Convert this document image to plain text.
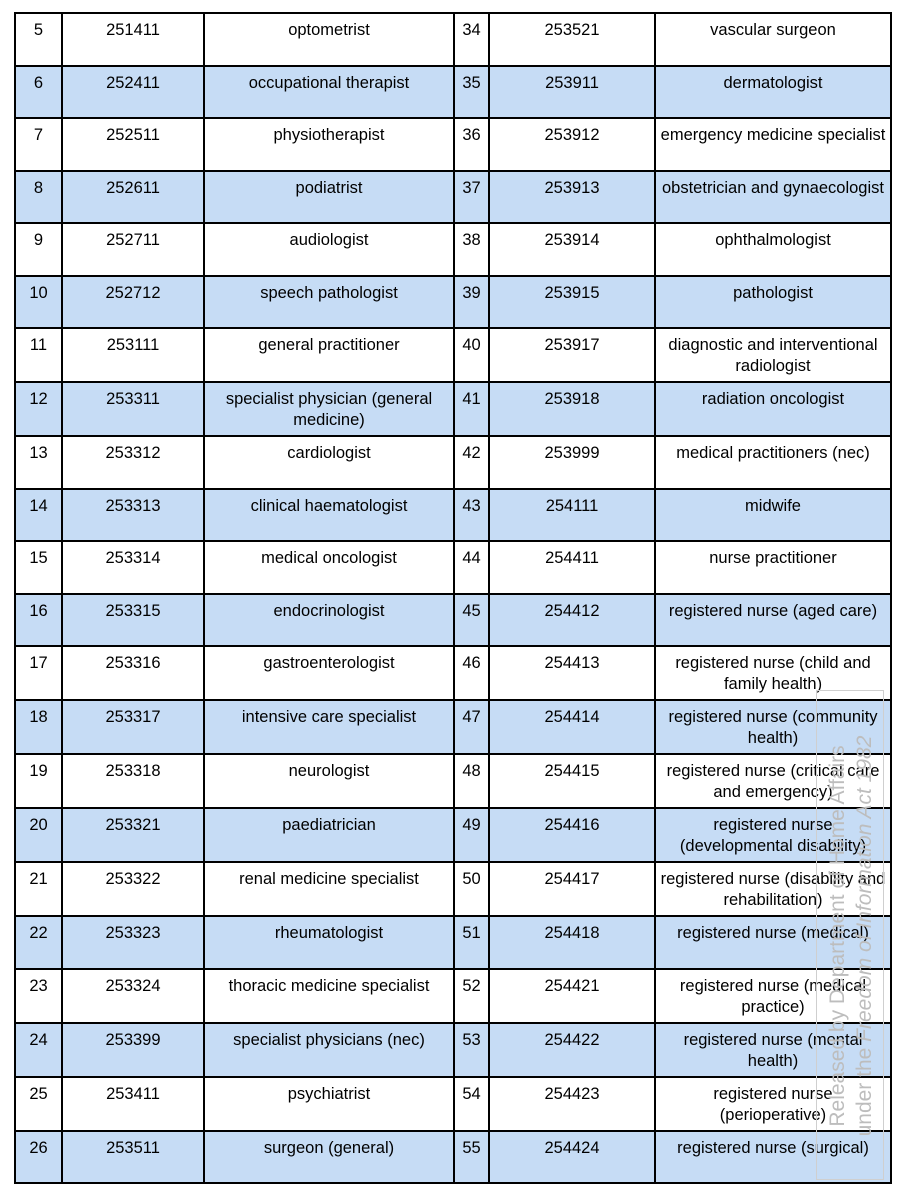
5	251411	optometrist	34	253521	vascular surgeon
6	252411	occupational therapist	35	253911	dermatologist
7	252511	physiotherapist	36	253912	emergency medicine specialist
8	252611	podiatrist	37	253913	obstetrician and gynaecologist
9	252711	audiologist	38	253914	ophthalmologist
10	252712	speech pathologist	39	253915	pathologist
11	253111	general practitioner	40	253917	diagnostic and interventional radiologist
12	253311	specialist physician (general medicine)	41	253918	radiation oncologist
13	253312	cardiologist	42	253999	medical practitioners (nec)
14	253313	clinical haematologist	43	254111	midwife
15	253314	medical oncologist	44	254411	nurse practitioner
16	253315	endocrinologist	45	254412	registered nurse (aged care)
17	253316	gastroenterologist	46	254413	registered nurse (child and family health)
18	253317	intensive care specialist	47	254414	registered nurse (community health)
19	253318	neurologist	48	254415	registered nurse (critical care and emergency)
20	253321	paediatrician	49	254416	registered nurse (developmental disability)
21	253322	renal medicine specialist	50	254417	registered nurse (disability and rehabilitation)
22	253323	rheumatologist	51	254418	registered nurse (medical)
23	253324	thoracic medicine specialist	52	254421	registered nurse (medical practice)
24	253399	specialist physicians (nec)	53	254422	registered nurse (mental health)
25	253411	psychiatrist	54	254423	registered nurse (perioperative)
26	253511	surgeon (general)	55	254424	registered nurse (surgical)
Released by Department of Home Affairs under the Freedom of Information Act 1982
